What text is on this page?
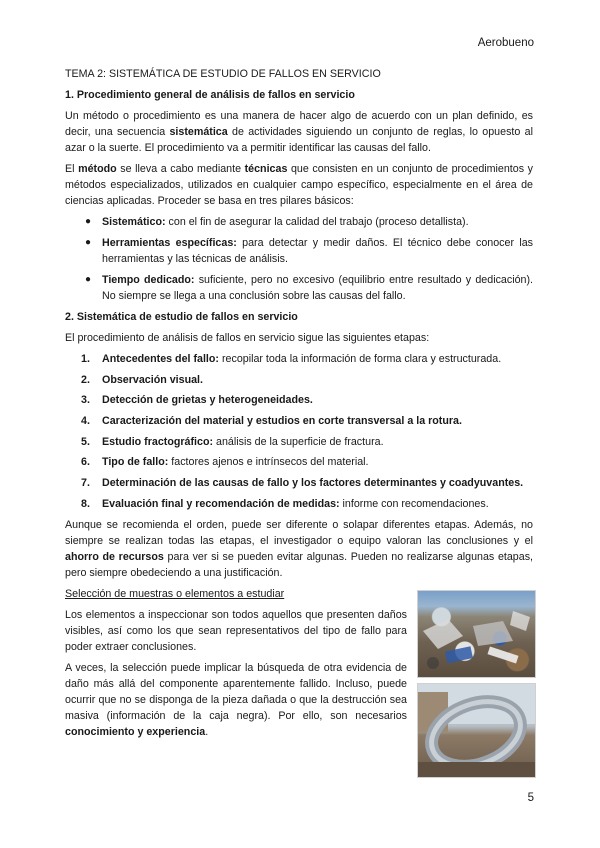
Aerobueno
TEMA 2: SISTEMÁTICA DE ESTUDIO DE FALLOS EN SERVICIO
1. Procedimiento general de análisis de fallos en servicio

Un método o procedimiento es una manera de hacer algo de acuerdo con un plan definido, es decir, una secuencia sistemática de actividades siguiendo un conjunto de reglas, lo opuesto al azar o la suerte. El procedimiento va a permitir identificar las causas del fallo.

El método se lleva a cabo mediante técnicas que consisten en un conjunto de procedimientos y métodos especializados, utilizados en cualquier campo específico, especialmente en el área de ciencias aplicadas. Proceder se basa en tres pilares básicos:

● Sistemático: con el fin de asegurar la calidad del trabajo (proceso detallista).
● Herramientas específicas: para detectar y medir daños. El técnico debe conocer las herramientas y las técnicas de análisis.
● Tiempo dedicado: suficiente, pero no excesivo (equilibrio entre resultado y dedicación). No siempre se llega a una conclusión sobre las causas del fallo.
2. Sistemática de estudio de fallos en servicio

El procedimiento de análisis de fallos en servicio sigue las siguientes etapas:

1.	Antecedentes del fallo: recopilar toda la información de forma clara y estructurada.
2.	Observación visual.
3.	Detección de grietas y heterogeneidades.
4.	Caracterización del material y estudios en corte transversal a la rotura.
5.	Estudio fractográfico: análisis de la superficie de fractura.
6.	Tipo de fallo: factores ajenos e intrínsecos del material.
7.	Determinación de las causas de fallo y los factores determinantes y coadyuvantes.
8.	Evaluación final y recomendación de medidas: informe con recomendaciones.

Aunque se recomienda el orden, puede ser diferente o solapar diferentes etapas. Además, no siempre se realizan todas las etapas, el investigador o equipo valoran las conclusiones y el ahorro de recursos para ver si se pueden evitar algunas. Pueden no realizarse algunas etapas, pero siempre obedeciendo a una justificación.

Selección de muestras o elementos a estudiar

Los elementos a inspeccionar son todos aquellos que presenten daños visibles, así como los que sean representativos del tipo de fallo para poder extraer conclusiones.

A veces, la selección puede implicar la búsqueda de otra evidencia de daño más allá del componente aparentemente fallido. Incluso, puede ocurrir que no se disponga de la pieza dañada o que la destrucción sea masiva (información de la caja negra). Por ello, son necesarios conocimiento y experiencia.

5
